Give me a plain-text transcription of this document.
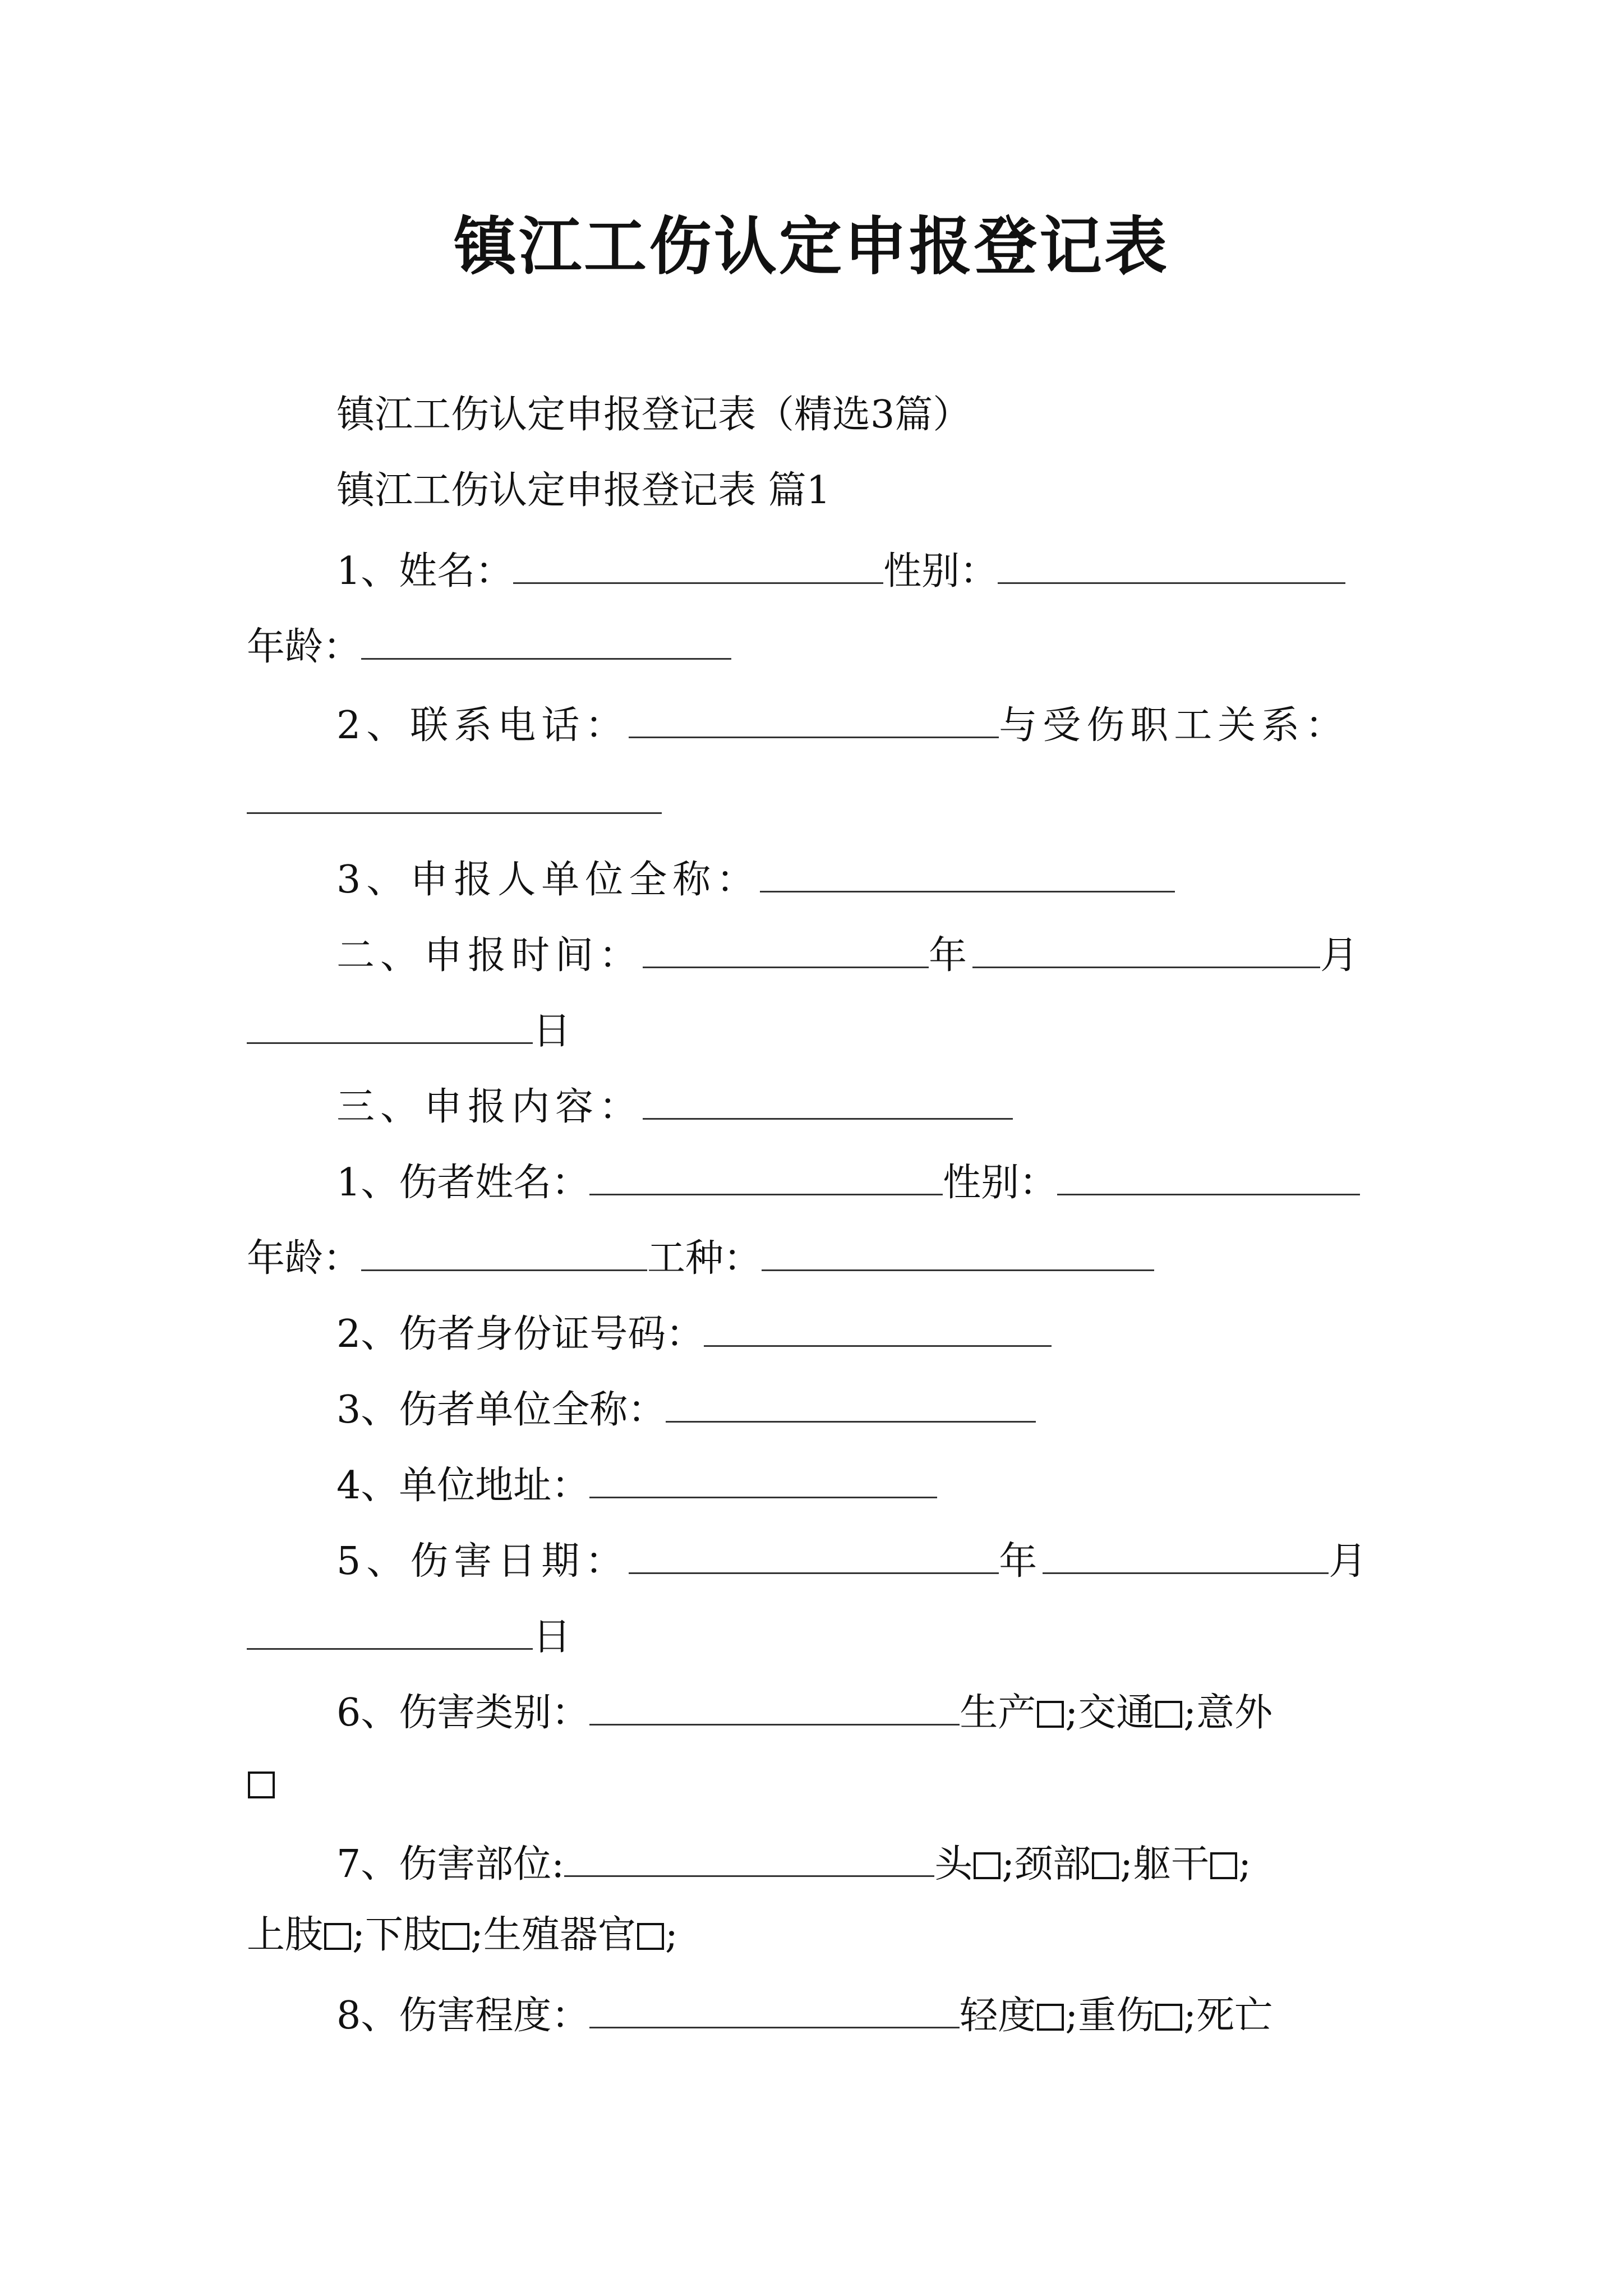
镇江工伤认定申报登记表
镇江工伤认定申报登记表（精选3篇）
镇江工伤认定申报登记表 篇1
1、姓名：	性别：
年龄：
2、联系电话：	与受伤职工关系：
3、申报人单位全称：
二、申报时间：	年	月
日
三、申报内容：
1、伤者姓名：	性别：
年龄：	工种：
2、伤者身份证号码：
3、伤者单位全称：
4、单位地址：
5、伤害日期：	年	月
日
6、伤害类别：	生产 ;交通 ;意外
7、伤害部位:	头 ;颈部 ;躯干 ;
上肢 ;下肢 ;生殖器官 ;
8、伤害程度：	轻度 ;重伤 ;死亡
